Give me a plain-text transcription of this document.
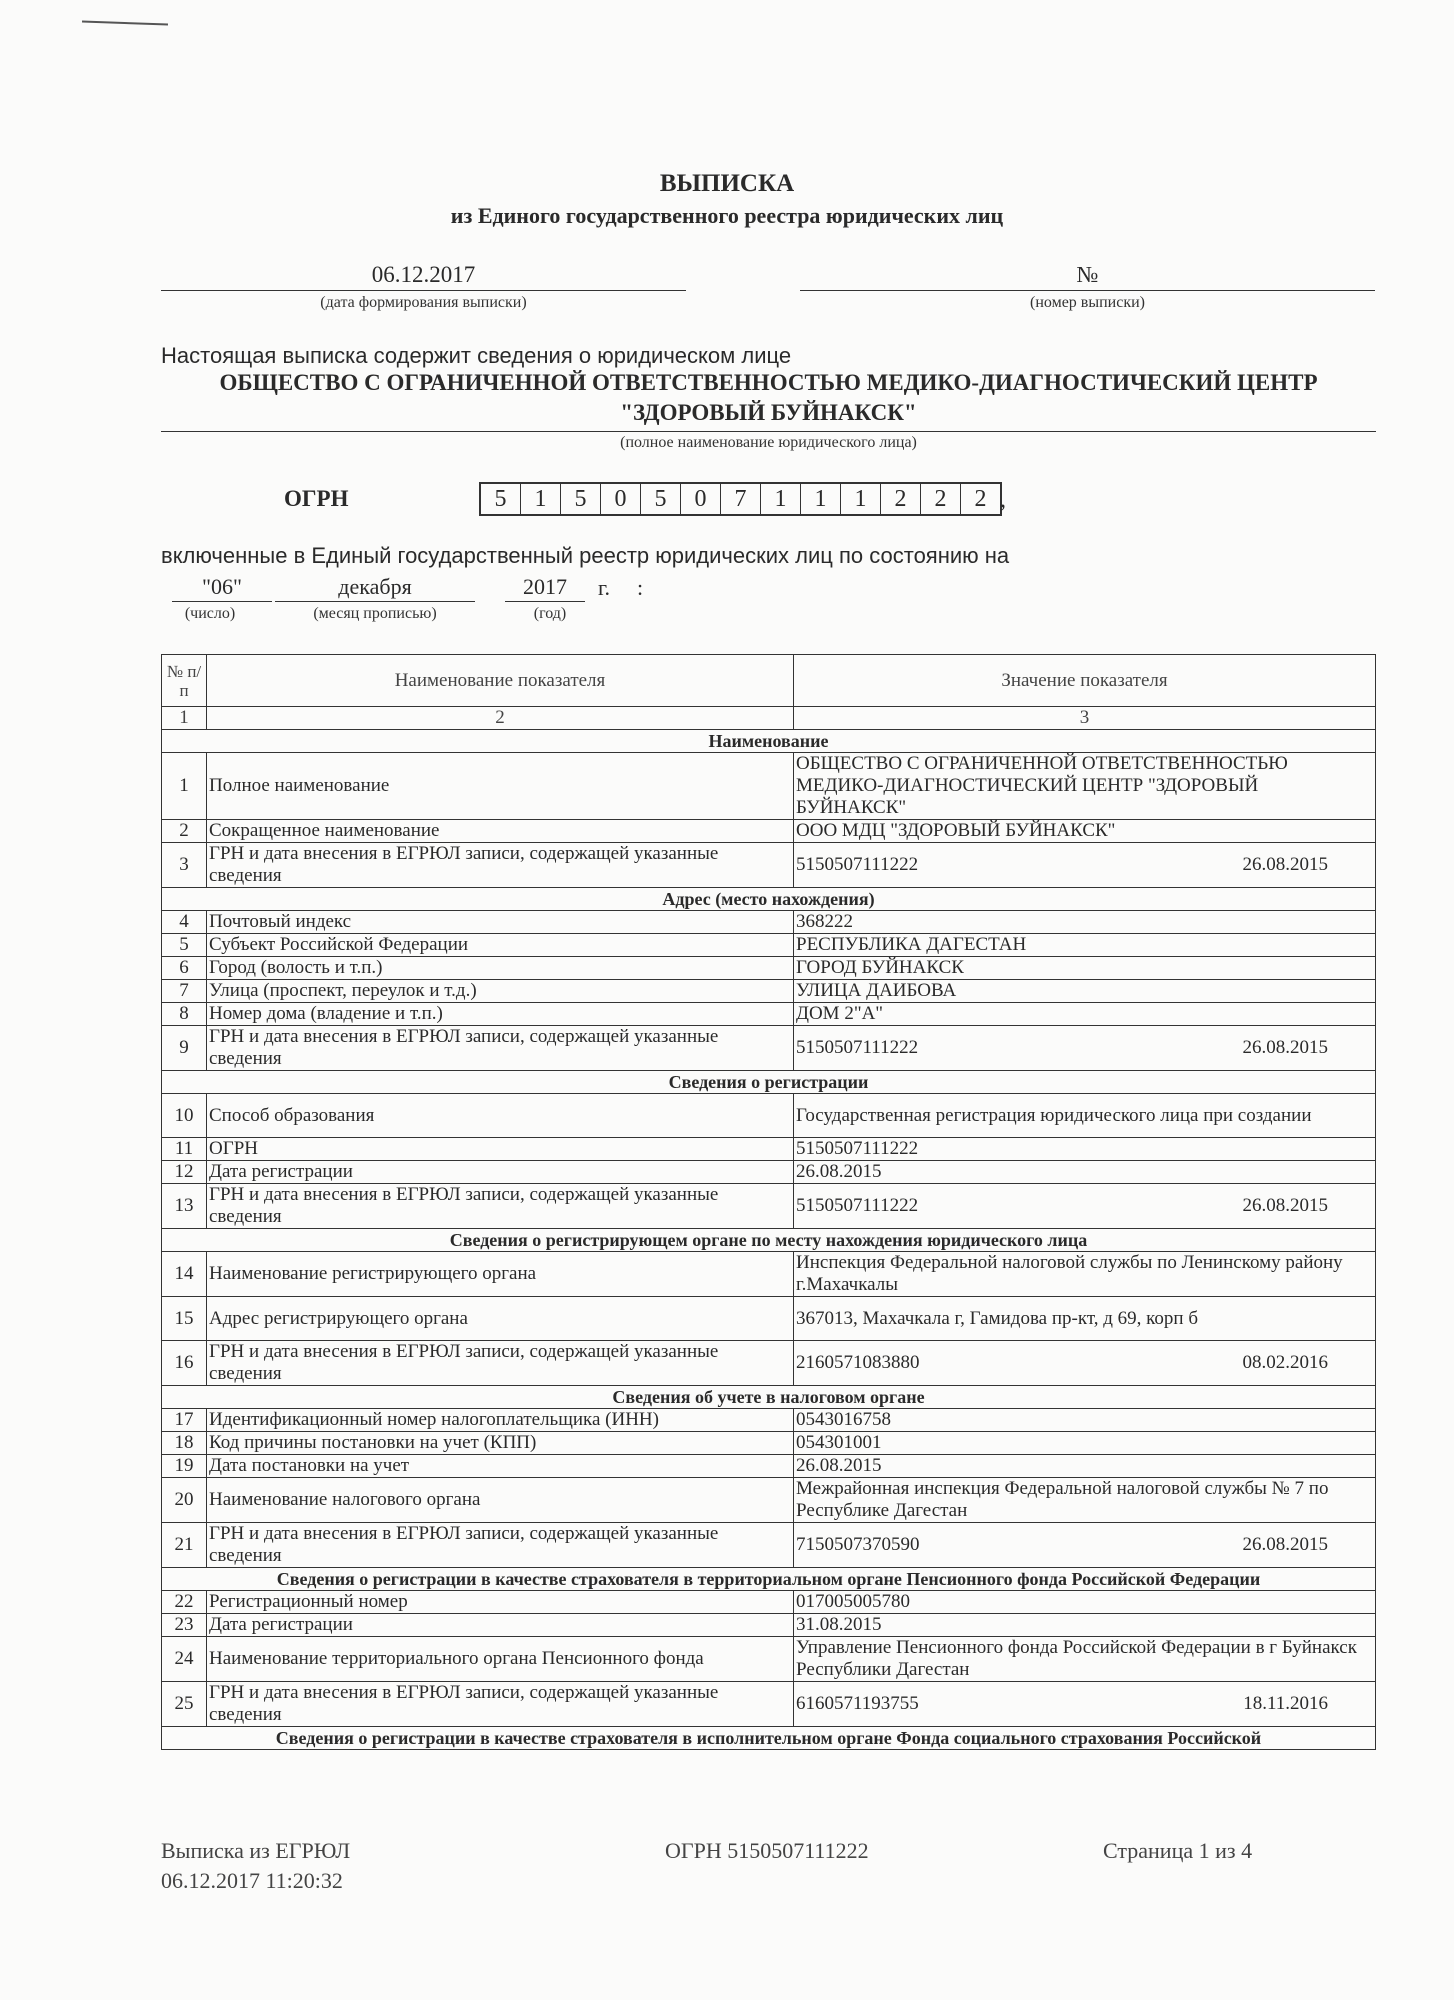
ВЫПИСКА
из Единого государственного реестра юридических лиц
06.12.2017
(дата формирования выписки)
№
(номер выписки)
Настоящая выписка содержит сведения о юридическом лице
ОБЩЕСТВО С ОГРАНИЧЕННОЙ ОТВЕТСТВЕННОСТЬЮ МЕДИКО-ДИАГНОСТИЧЕСКИЙ ЦЕНТР
"ЗДОРОВЫЙ БУЙНАКСК"
(полное наименование юридического лица)
ОГРН	5	1	5	0	5	0	7	1	1	1	2	2	2 ,
включенные в Единый государственный реестр юридических лиц по состоянию на
"06"	декабря	2017	г. :
(число)	(месяц прописью)	(год)
№ п/п	Наименование показателя	Значение показателя
1	2	3
Наименование		
1	Полное наименование	ОБЩЕСТВО С ОГРАНИЧЕННОЙ ОТВЕТСТВЕННОСТЬЮ МЕДИКО-ДИАГНОСТИЧЕСКИЙ ЦЕНТР "ЗДОРОВЫЙ БУЙНАКСК"
2	Сокращенное наименование	ООО МДЦ "ЗДОРОВЫЙ БУЙНАКСК"
3	ГРН и дата внесения в ЕГРЮЛ записи, содержащей указанные сведения	5150507111222 26.08.2015

Адрес (место нахождения)		
4	Почтовый индекс	368222
5	Субъект Российской Федерации	РЕСПУБЛИКА ДАГЕСТАН
6	Город (волость и т.п.)	ГОРОД БУЙНАКСК
7	Улица (проспект, переулок и т.д.)	УЛИЦА ДАИБОВА
8	Номер дома (владение и т.п.)	ДОМ 2"А"
9	ГРН и дата внесения в ЕГРЮЛ записи, содержащей указанные сведения	5150507111222 26.08.2015

Сведения о регистрации		
10	Способ образования	Государственная регистрация юридического лица при создании
11	ОГРН	5150507111222
12	Дата регистрации	26.08.2015
13	ГРН и дата внесения в ЕГРЮЛ записи, содержащей указанные сведения	5150507111222 26.08.2015

Сведения о регистрирующем органе по месту нахождения юридического лица		
14	Наименование регистрирующего органа	Инспекция Федеральной налоговой службы по Ленинскому району г.Махачкалы
15	Адрес регистрирующего органа	367013, Махачкала г, Гамидова пр-кт, д 69, корп б
16	ГРН и дата внесения в ЕГРЮЛ записи, содержащей указанные сведения	2160571083880 08.02.2016

Сведения об учете в налоговом органе		
17	Идентификационный номер налогоплательщика (ИНН)	0543016758
18	Код причины постановки на учет (КПП)	054301001
19	Дата постановки на учет	26.08.2015
20	Наименование налогового органа	Межрайонная инспекция Федеральной налоговой службы № 7 по Республике Дагестан
21	ГРН и дата внесения в ЕГРЮЛ записи, содержащей указанные сведения	7150507370590 26.08.2015

Сведения о регистрации в качестве страхователя в территориальном органе Пенсионного фонда Российской Федерации		
22	Регистрационный номер	017005005780
23	Дата регистрации	31.08.2015
24	Наименование территориального органа Пенсионного фонда	Управление Пенсионного фонда Российской Федерации в г Буйнакск Республики Дагестан
25	ГРН и дата внесения в ЕГРЮЛ записи, содержащей указанные сведения	6160571193755 18.11.2016

Сведения о регистрации в качестве страхователя в исполнительном органе Фонда социального страхования Российской		
Выписка из ЕГРЮЛ
06.12.2017 11:20:32
ОГРН 5150507111222	Страница 1 из 4
